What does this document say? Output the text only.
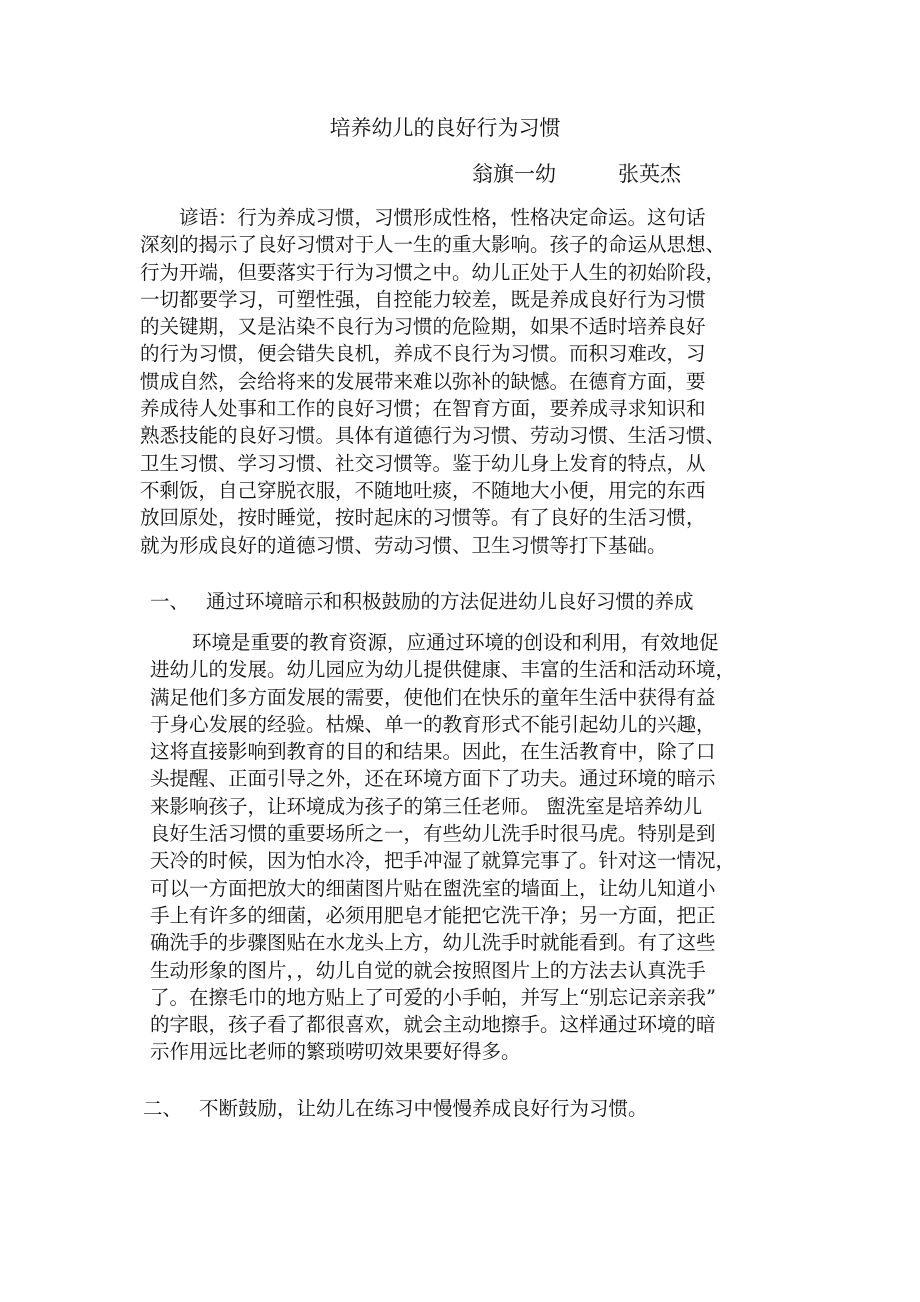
培养幼儿的良好行为习惯
翁旗一幼	张英杰

谚语：行为养成习惯，习惯形成性格，性格决定命运。这句话
深刻的揭示了良好习惯对于人一生的重大影响。孩子的命运从思想、
行为开端，但要落实于行为习惯之中。幼儿正处于人生的初始阶段，
一切都要学习，可塑性强，自控能力较差，既是养成良好行为习惯
的关键期，又是沾染不良行为习惯的危险期，如果不适时培养良好
的行为习惯，便会错失良机，养成不良行为习惯。而积习难改，习
惯成自然，会给将来的发展带来难以弥补的缺憾。在德育方面，要
养成待人处事和工作的良好习惯；在智育方面，要养成寻求知识和
熟悉技能的良好习惯。具体有道德行为习惯、劳动习惯、生活习惯、
卫生习惯、学习习惯、社交习惯等。鉴于幼儿身上发育的特点，从
不剩饭，自己穿脱衣服，不随地吐痰，不随地大小便，用完的东西
放回原处，按时睡觉，按时起床的习惯等。有了良好的生活习惯，
就为形成良好的道德习惯、劳动习惯、卫生习惯等打下基础。

一、 通过环境暗示和积极鼓励的方法促进幼儿良好习惯的养成

环境是重要的教育资源，应通过环境的创设和利用，有效地促
进幼儿的发展。幼儿园应为幼儿提供健康、丰富的生活和活动环境，
满足他们多方面发展的需要，使他们在快乐的童年生活中获得有益
于身心发展的经验。枯燥、单一的教育形式不能引起幼儿的兴趣，
这将直接影响到教育的目的和结果。因此，在生活教育中，除了口
头提醒、正面引导之外，还在环境方面下了功夫。通过环境的暗示
来影响孩子，让环境成为孩子的第三任老师。 盥洗室是培养幼儿
良好生活习惯的重要场所之一，有些幼儿洗手时很马虎。特别是到
天冷的时候，因为怕水冷，把手冲湿了就算完事了。针对这一情况，
可以一方面把放大的细菌图片贴在盥洗室的墙面上，让幼儿知道小
手上有许多的细菌，必须用肥皂才能把它洗干净；另一方面，把正
确洗手的步骤图贴在水龙头上方，幼儿洗手时就能看到。有了这些
生动形象的图片，，幼儿自觉的就会按照图片上的方法去认真洗手
了。在擦毛巾的地方贴上了可爱的小手帕，并写上“别忘记亲亲我”
的字眼，孩子看了都很喜欢，就会主动地擦手。这样通过环境的暗
示作用远比老师的繁琐唠叨效果要好得多。

二、 不断鼓励，让幼儿在练习中慢慢养成良好行为习惯。
